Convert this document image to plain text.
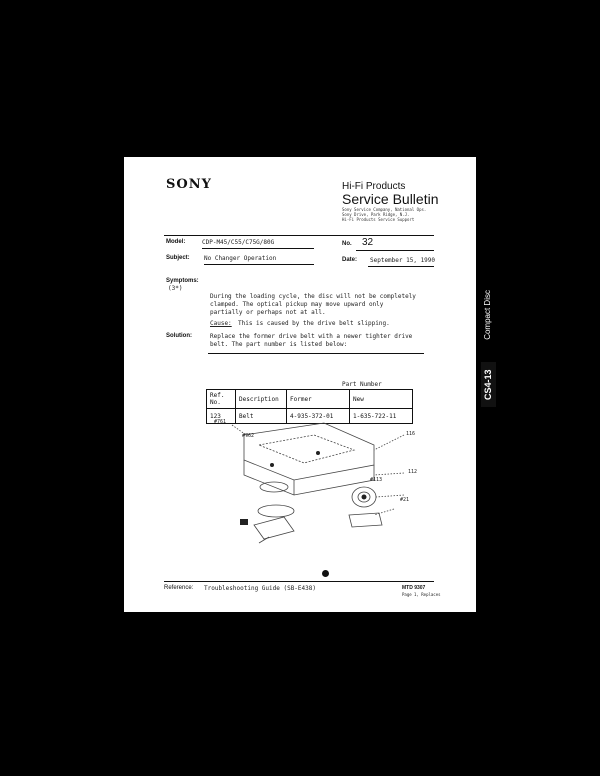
SONY	Hi-Fi Products
Service Bulletin
Sony Service Company, National Ops.
Sony Drive, Park Ridge, N.J.
Hi-Fi Products Service Support
Model:	CDP-M45/C55/C75G/80G	No. 32
Subject: No Changer Operation	Date: September 15, 1990
Symptoms:
(3*)
During the loading cycle, the disc will not be completely
clamped. The optical pickup may move upward only
partially or perhaps not at all.
Cause: This is caused by the drive belt slipping.
Solution:	Replace the former drive belt with a newer tighter drive
belt. The part number is listed below:
Part Number
Ref. No.	Description	Former	New
123	Belt	4-935-372-01	1-635-722-11
#761
#762	116
112
#113
#21
Reference: Troubleshooting Guide (SB-E438)	MTD 9307
Page 1, Replaces
CS4-13
Compact Disc
